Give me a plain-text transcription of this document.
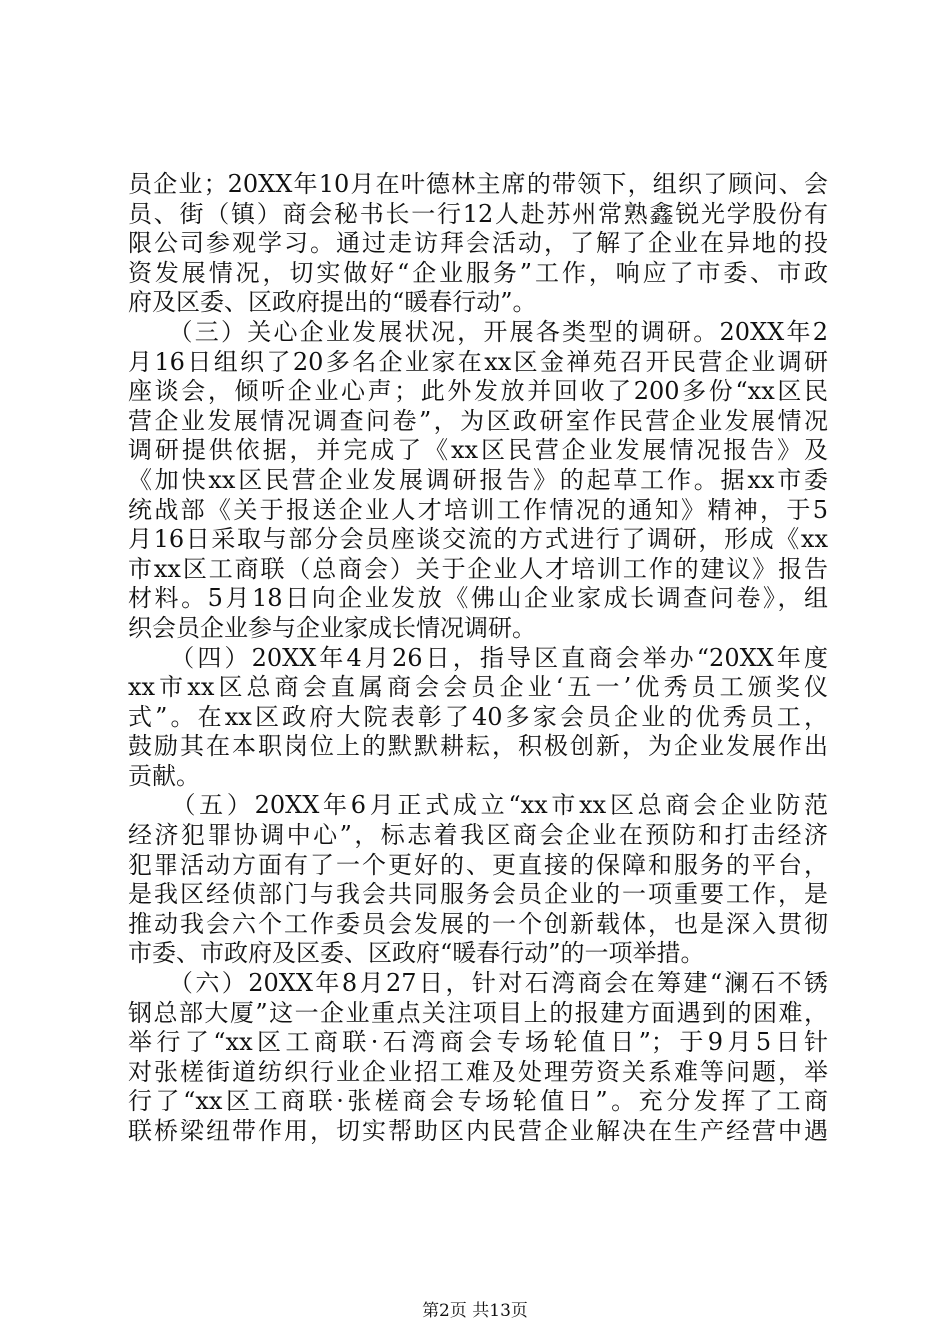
员企业；20XX年10月在叶德林主席的带领下，组织了顾问、会
员、街（镇）商会秘书长一行12人赴苏州常熟鑫锐光学股份有
限公司参观学习。通过走访拜会活动，了解了企业在异地的投
资发展情况，切实做好“企业服务”工作，响应了市委、市政
府及区委、区政府提出的“暖春行动”。
　　（三）关心企业发展状况，开展各类型的调研。20XX年2
月16日组织了20多名企业家在xx区金禅苑召开民营企业调研
座谈会，倾听企业心声；此外发放并回收了200多份“xx区民
营企业发展情况调查问卷”，为区政研室作民营企业发展情况
调研提供依据，并完成了《xx区民营企业发展情况报告》及
《加快xx区民营企业发展调研报告》的起草工作。据xx市委
统战部《关于报送企业人才培训工作情况的通知》精神，于5
月16日采取与部分会员座谈交流的方式进行了调研，形成《xx
市xx区工商联（总商会）关于企业人才培训工作的建议》报告
材料。5月18日向企业发放《佛山企业家成长调查问卷》，组
织会员企业参与企业家成长情况调研。
　　（四）20XX年4月26日，指导区直商会举办“20XX年度
xx市xx区总商会直属商会会员企业‘五一’优秀员工颁奖仪
式”。在xx区政府大院表彰了40多家会员企业的优秀员工，
鼓励其在本职岗位上的默默耕耘，积极创新，为企业发展作出
贡献。
　　（五）20XX年6月正式成立“xx市xx区总商会企业防范
经济犯罪协调中心”，标志着我区商会企业在预防和打击经济
犯罪活动方面有了一个更好的、更直接的保障和服务的平台，
是我区经侦部门与我会共同服务会员企业的一项重要工作，是
推动我会六个工作委员会发展的一个创新载体，也是深入贯彻
市委、市政府及区委、区政府“暖春行动”的一项举措。
　　（六）20XX年8月27日，针对石湾商会在筹建“澜石不锈
钢总部大厦”这一企业重点关注项目上的报建方面遇到的困难，
举行了“xx区工商联·石湾商会专场轮值日”；于9月5日针
对张槎街道纺织行业企业招工难及处理劳资关系难等问题，举
行了“xx区工商联·张槎商会专场轮值日”。充分发挥了工商
联桥梁纽带作用，切实帮助区内民营企业解决在生产经营中遇
第2页 共13页
